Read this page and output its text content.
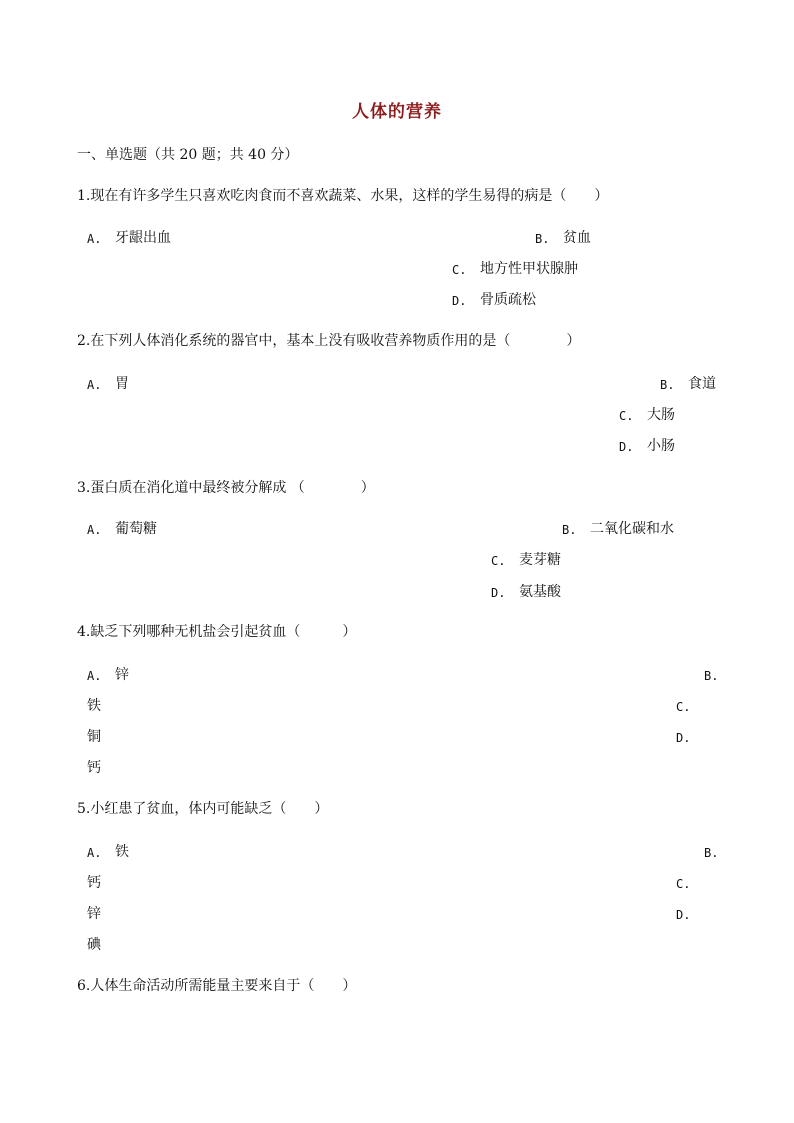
人体的营养
一、单选题（共 20 题；共 40 分）
1.现在有许多学生只喜欢吃肉食而不喜欢蔬菜、水果，这样的学生易得的病是（　　）
A. 牙龈出血	B. 贫血
C. 地方性甲状腺肿
D. 骨质疏松
2.在下列人体消化系统的器官中，基本上没有吸收营养物质作用的是（　　　　）
A. 胃	B. 食道
C. 大肠
D. 小肠
3.蛋白质在消化道中最终被分解成 （　　　　）
A. 葡萄糖	B. 二氧化碳和水
C. 麦芽糖
D. 氨基酸
4.缺乏下列哪种无机盐会引起贫血（　　　）
A. 锌	B.
铁	C.
铜	D.
钙
5.小红患了贫血，体内可能缺乏（　　）
A. 铁	B.
钙	C.
锌	D.
碘
6.人体生命活动所需能量主要来自于（　　）
